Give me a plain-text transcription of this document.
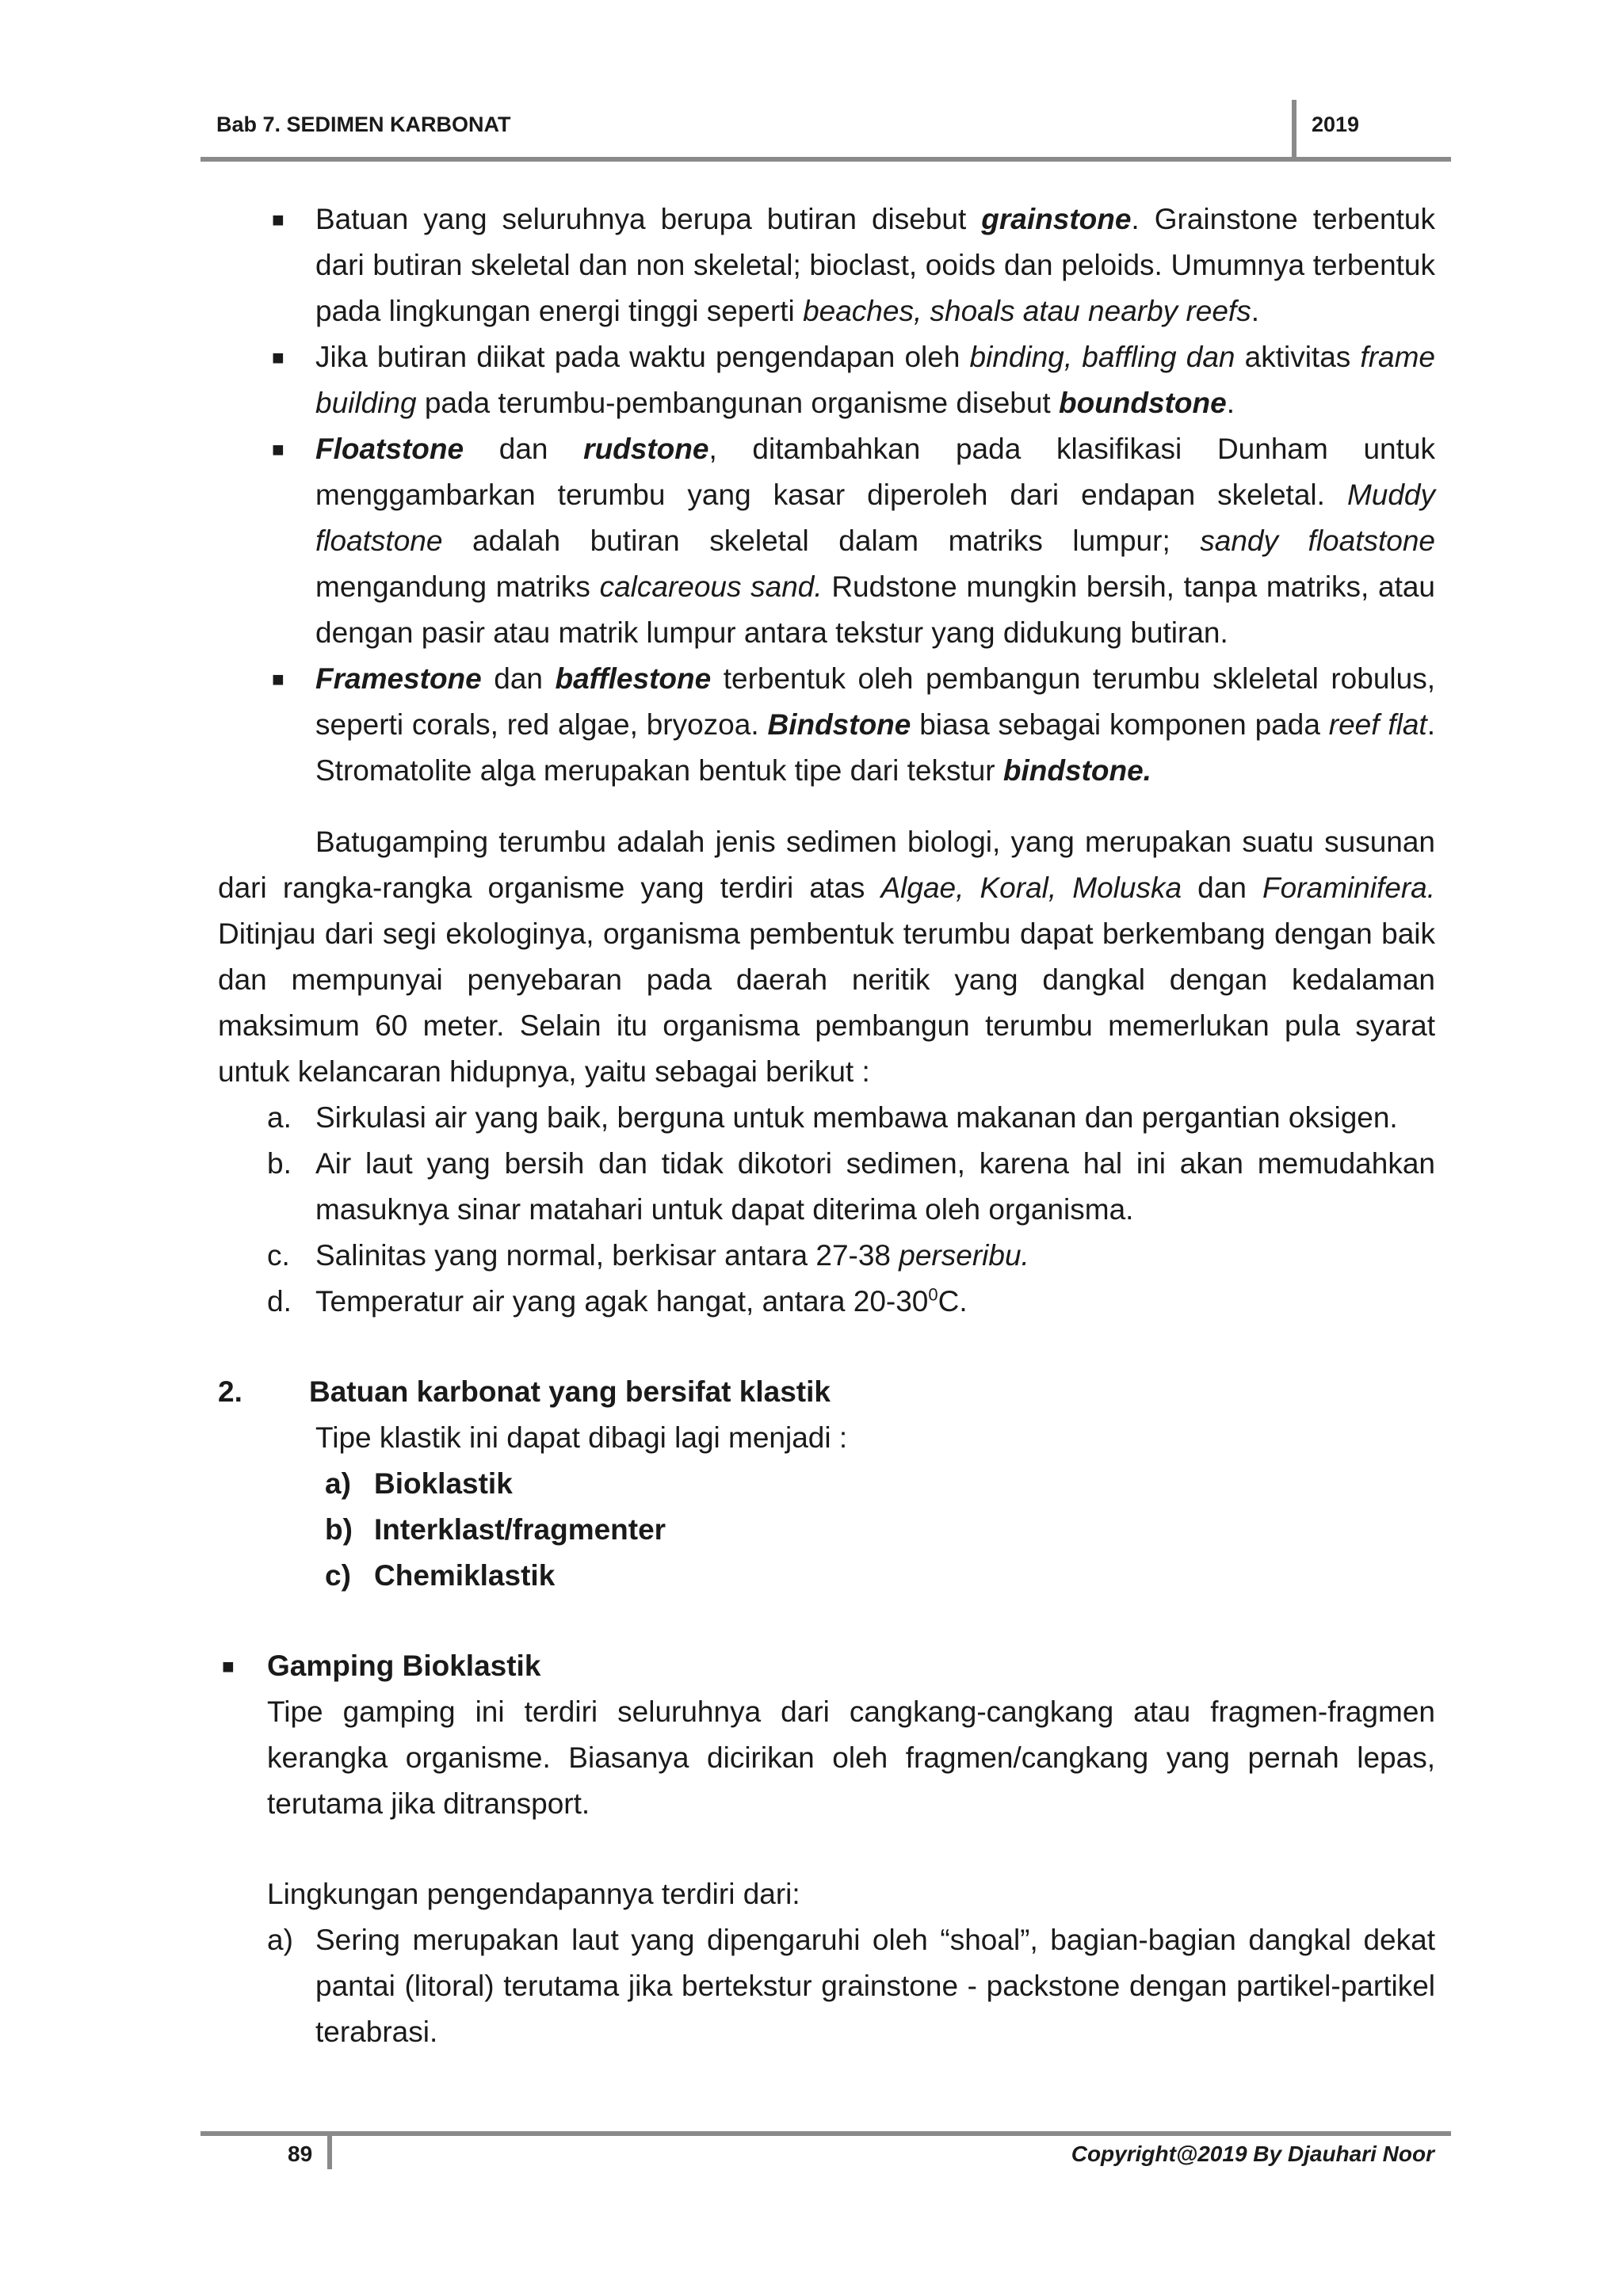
Bab 7. SEDIMEN KARBONAT	2019

■ Batuan yang seluruhnya berupa butiran disebut grainstone. Grainstone terbentuk dari butiran skeletal dan non skeletal; bioclast, ooids dan peloids. Umumnya terbentuk pada lingkungan energi tinggi seperti beaches, shoals atau nearby reefs.

■ Jika butiran diikat pada waktu pengendapan oleh binding, baffling dan aktivitas frame building pada terumbu-pembangunan organisme disebut boundstone.

■ Floatstone dan rudstone, ditambahkan pada klasifikasi Dunham untuk menggambarkan terumbu yang kasar diperoleh dari endapan skeletal. Muddy floatstone adalah butiran skeletal dalam matriks lumpur; sandy floatstone mengandung matriks calcareous sand. Rudstone mungkin bersih, tanpa matriks, atau dengan pasir atau matrik lumpur antara tekstur yang didukung butiran.

■ Framestone dan bafflestone terbentuk oleh pembangun terumbu skleletal robulus, seperti corals, red algae, bryozoa. Bindstone biasa sebagai komponen pada reef flat. Stromatolite alga merupakan bentuk tipe dari tekstur bindstone.

Batugamping terumbu adalah jenis sedimen biologi, yang merupakan suatu susunan dari rangka-rangka organisme yang terdiri atas Algae, Koral, Moluska dan Foraminifera. Ditinjau dari segi ekologinya, organisma pembentuk terumbu dapat berkembang dengan baik dan mempunyai penyebaran pada daerah neritik yang dangkal dengan kedalaman maksimum 60 meter. Selain itu organisma pembangun terumbu memerlukan pula syarat untuk kelancaran hidupnya, yaitu sebagai berikut :

a. Sirkulasi air yang baik, berguna untuk membawa makanan dan pergantian oksigen.

b. Air laut yang bersih dan tidak dikotori sedimen, karena hal ini akan memudahkan masuknya sinar matahari untuk dapat diterima oleh organisma.

c. Salinitas yang normal, berkisar antara 27-38 perseribu.

d. Temperatur air yang agak hangat, antara $20-30^0C$.

2. Batuan karbonat yang bersifat klastik

Tipe klastik ini dapat dibagi lagi menjadi :

a) Bioklastik
b) Interklast/fragmenter
c) Chemiklastik

■ Gamping Bioklastik

Tipe gamping ini terdiri seluruhnya dari cangkang-cangkang atau fragmen-fragmen kerangka organisme. Biasanya dicirikan oleh fragmen/cangkang yang pernah lepas, terutama jika ditransport.

Lingkungan pengendapannya terdiri dari:

a) Sering merupakan laut yang dipengaruhi oleh “shoal”, bagian-bagian dangkal dekat pantai (litoral) terutama jika bertekstur grainstone - packstone dengan partikel-partikel terabrasi.

89	Copyright@2019 By Djauhari Noor
